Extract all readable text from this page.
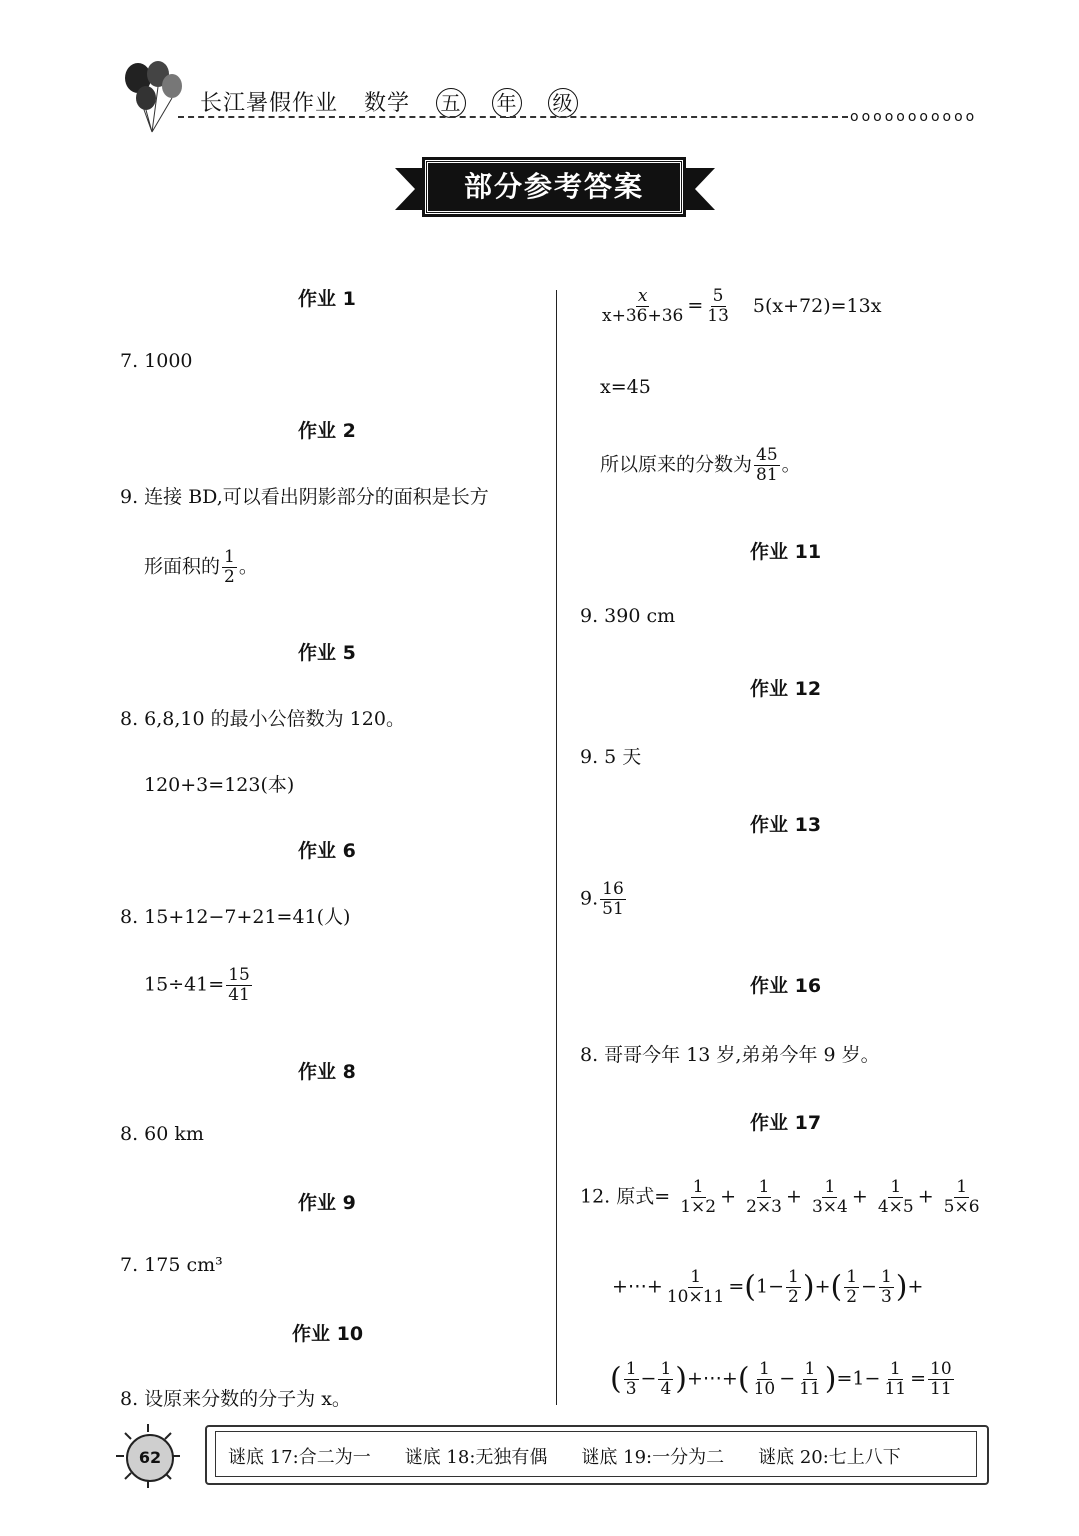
长江暑假作业 数学 五 年 级
ooooooooooo
部分参考答案
作业 1
7. 1000
作业 2
9. 连接 BD,可以看出阴影部分的面积是长方
形面积的 $\frac{1}{2}$ 。
作业 5
8. 6,8,10 的最小公倍数为 120。
120+3=123(本)
作业 6
8. 15+12−7+21=41(人)
$15\div 41= \frac{15}{41}$
作业 8
8. 60 km
作业 9
7. 175 cm³
作业 10
8. 设原来分数的分子为 x。
$\frac{x}{x+36+36} = \frac{5}{13} 5(x+72)=13x$
x=45
所以原来的分数为 $\frac{45}{81}$ 。
作业 11
9. 390 cm
作业 12
9. 5 天
作业 13
9. $\frac{16}{51}$
作业 16
8. 哥哥今年 13 岁,弟弟今年 9 岁。
作业 17
12. 原式= $\frac{1}{1\times 2} + \frac{1}{2\times 3} + \frac{1}{3\times 4} + \frac{1}{4\times 5} + \frac{1}{5\times 6}$
+⋯+ $\frac{1}{10\times 11} =(1- \frac{1}{2}$ )+( $\frac{1}{2} - \frac{1}{3}$ )+
( $\frac{1}{3} - \frac{1}{4}$ )+⋯+( $\frac{1}{10} - \frac{1}{11} )=1- \frac{1}{11} = \frac{10}{11}$
62	谜底 17:合二为一 谜底 18:无独有偶 谜底 19:一分为二 谜底 20:七上八下
